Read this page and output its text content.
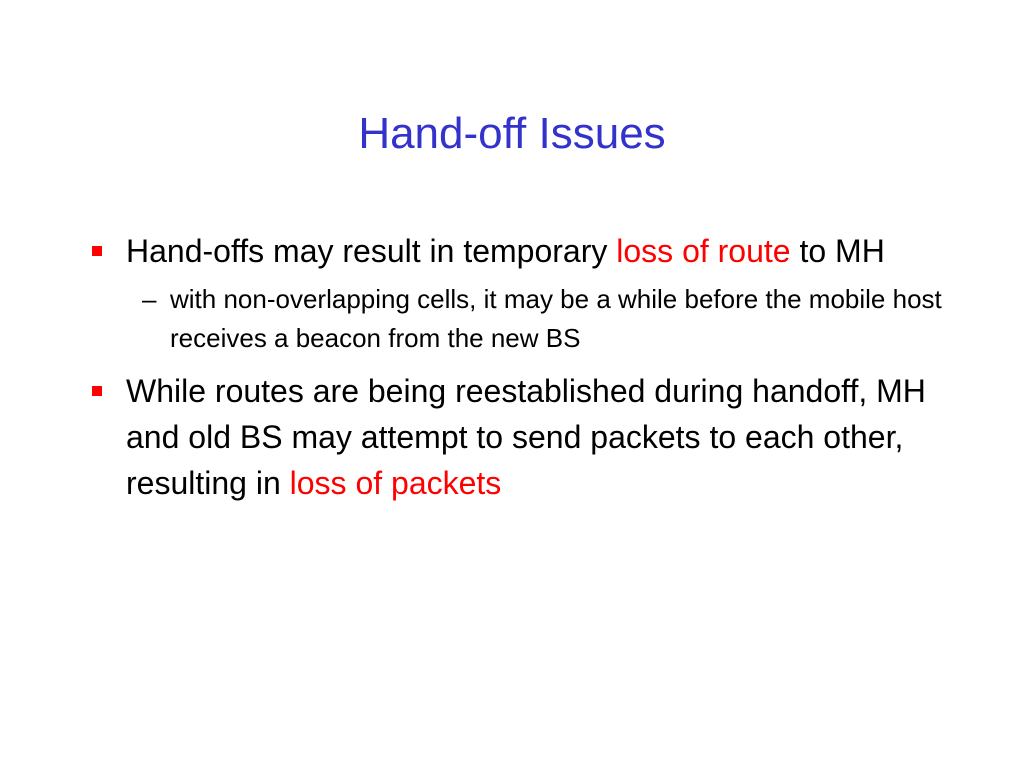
Hand-off Issues
Hand-offs may result in temporary loss of route to MH
– with non-overlapping cells, it may be a while before the mobile host receives a beacon from the new BS
While routes are being reestablished during handoff, MH and old BS may attempt to send packets to each other, resulting in loss of packets
